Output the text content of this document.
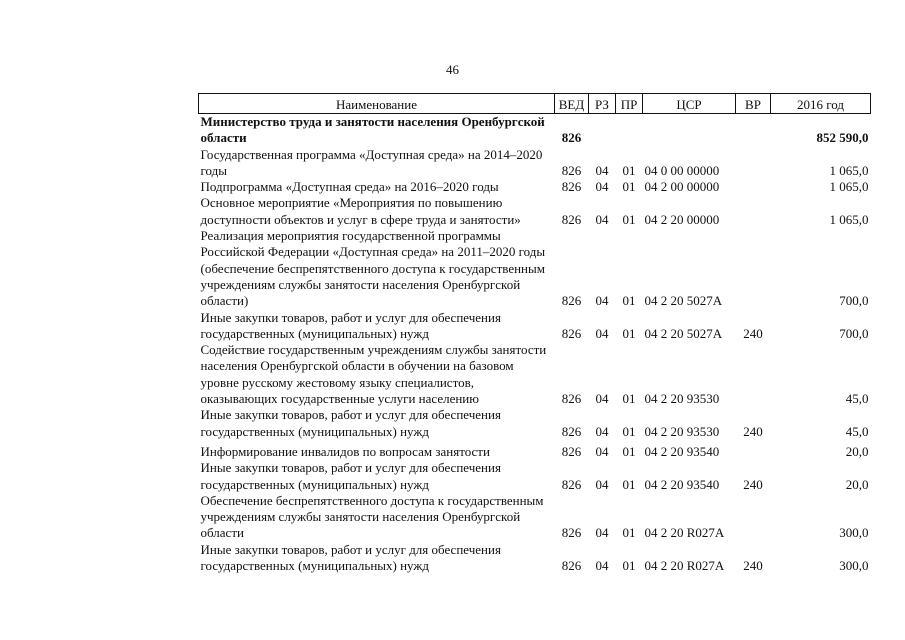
46
Наименование	ВЕД	РЗ	ПР	ЦСР	ВР	2016 год
Министерство труда и занятости населения Оренбургской области	826					852 590,0
Государственная программа «Доступная среда» на 2014–2020 годы	826	04	01	04 0 00 00000		1 065,0
Подпрограмма «Доступная среда» на 2016–2020 годы	826	04	01	04 2 00 00000		1 065,0
Основное мероприятие «Мероприятия по повышению доступности объектов и услуг в сфере труда и занятости»	826	04	01	04 2 20 00000		1 065,0
Реализация мероприятия государственной программы Российской Федерации «Доступная среда» на 2011–2020 годы (обеспечение беспрепятственного доступа к государственным учреждениям службы занятости населения Оренбургской области)	826	04	01	04 2 20 5027А		700,0
Иные закупки товаров, работ и услуг для обеспечения государственных (муниципальных) нужд	826	04	01	04 2 20 5027А	240	700,0
Содействие государственным учреждениям службы занятости населения Оренбургской области в обучении на базовом уровне русскому жестовому языку специалистов, оказывающих государственные услуги населению	826	04	01	04 2 20 93530		45,0
Иные закупки товаров, работ и услуг для обеспечения государственных (муниципальных) нужд	826	04	01	04 2 20 93530	240	45,0
Информирование инвалидов по вопросам занятости	826	04	01	04 2 20 93540		20,0
Иные закупки товаров, работ и услуг для обеспечения государственных (муниципальных) нужд	826	04	01	04 2 20 93540	240	20,0
Обеспечение беспрепятственного доступа к государственным учреждениям службы занятости населения Оренбургской области	826	04	01	04 2 20 R027А		300,0
Иные закупки товаров, работ и услуг для обеспечения государственных (муниципальных) нужд	826	04	01	04 2 20 R027А	240	300,0
